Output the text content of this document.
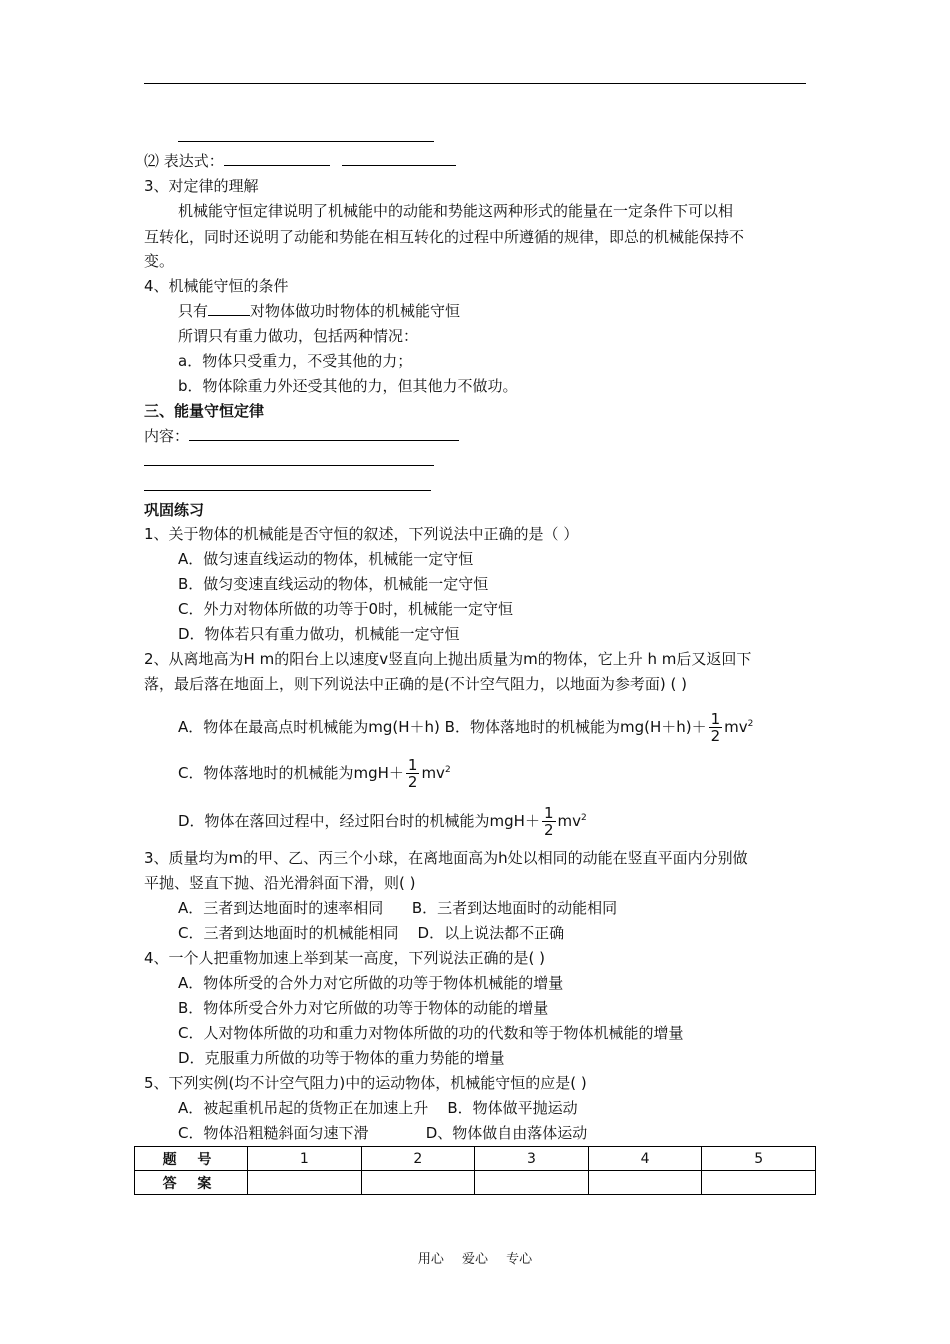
⑵ 表达式：
3、对定律的理解
机械能守恒定律说明了机械能中的动能和势能这两种形式的能量在一定条件下可以相
互转化，同时还说明了动能和势能在相互转化的过程中所遵循的规律，即总的机械能保持不
变。
4、机械能守恒的条件
只有	对物体做功时物体的机械能守恒
所谓只有重力做功，包括两种情况：
a．物体只受重力，不受其他的力；
b．物体除重力外还受其他的力，但其他力不做功。
三、能量守恒定律
内容：
巩固练习
1、关于物体的机械能是否守恒的叙述，下列说法中正确的是（ ）
A．做匀速直线运动的物体，机械能一定守恒
B．做匀变速直线运动的物体，机械能一定守恒
C．外力对物体所做的功等于0时，机械能一定守恒
D．物体若只有重力做功，机械能一定守恒
2、从离地高为H m的阳台上以速度v竖直向上抛出质量为m的物体，它上升 h m后又返回下
落，最后落在地面上，则下列说法中正确的是(不计空气阻力，以地面为参考面) ( )
A．物体在最高点时机械能为mg(H＋h) B．物体落地时的机械能为$mg(H+h)+ \frac{1}{2} mv^2$
C．物体落地时的机械能为$mgH+ \frac{1}{2} mv^2$
D．物体在落回过程中，经过阳台时的机械能为$mgH+ \frac{1}{2} mv^2$
3、质量均为m的甲、乙、丙三个小球，在离地面高为h处以相同的动能在竖直平面内分别做
平抛、竖直下抛、沿光滑斜面下滑，则( )
A．三者到达地面时的速率相同      B．三者到达地面时的动能相同
C．三者到达地面时的机械能相同    D．以上说法都不正确
4、一个人把重物加速上举到某一高度，下列说法正确的是( )
A．物体所受的合外力对它所做的功等于物体机械能的增量
B．物体所受合外力对它所做的功等于物体的动能的增量
C．人对物体所做的功和重力对物体所做的功的代数和等于物体机械能的增量
D．克服重力所做的功等于物体的重力势能的增量
5、下列实例(均不计空气阻力)中的运动物体，机械能守恒的应是( )
A．被起重机吊起的货物正在加速上升    B．物体做平抛运动
C．物体沿粗糙斜面匀速下滑            D、物体做自由落体运动
题 号	1	2	3	4	5
答 案					
用心 爱心 专心
